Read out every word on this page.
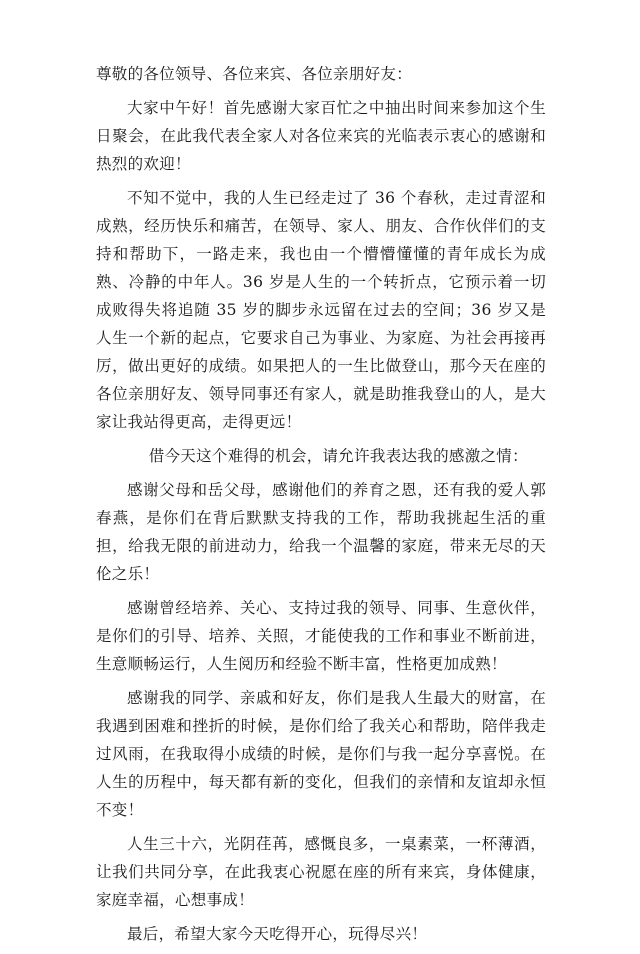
尊敬的各位领导、各位来宾、各位亲朋好友：

大家中午好！首先感谢大家百忙之中抽出时间来参加这个生日聚会，在此我代表全家人对各位来宾的光临表示衷心的感谢和热烈的欢迎！

不知不觉中，我的人生已经走过了 36 个春秋，走过青涩和成熟，经历快乐和痛苦，在领导、家人、朋友、合作伙伴们的支持和帮助下，一路走来，我也由一个懵懵懂懂的青年成长为成熟、冷静的中年人。36 岁是人生的一个转折点，它预示着一切成败得失将追随 35 岁的脚步永远留在过去的空间；36 岁又是人生一个新的起点，它要求自己为事业、为家庭、为社会再接再厉，做出更好的成绩。如果把人的一生比做登山，那今天在座的各位亲朋好友、领导同事还有家人，就是助推我登山的人，是大家让我站得更高，走得更远！

借今天这个难得的机会，请允许我表达我的感激之情：

感谢父母和岳父母，感谢他们的养育之恩，还有我的爱人郭春燕，是你们在背后默默支持我的工作，帮助我挑起生活的重担，给我无限的前进动力，给我一个温馨的家庭，带来无尽的天伦之乐！

感谢曾经培养、关心、支持过我的领导、同事、生意伙伴，是你们的引导、培养、关照，才能使我的工作和事业不断前进，生意顺畅运行，人生阅历和经验不断丰富，性格更加成熟！

感谢我的同学、亲戚和好友，你们是我人生最大的财富，在我遇到困难和挫折的时候，是你们给了我关心和帮助，陪伴我走过风雨，在我取得小成绩的时候，是你们与我一起分享喜悦。在人生的历程中，每天都有新的变化，但我们的亲情和友谊却永恒不变！

人生三十六，光阴荏苒，感慨良多，一桌素菜，一杯薄酒，让我们共同分享，在此我衷心祝愿在座的所有来宾，身体健康，家庭幸福，心想事成！

最后，希望大家今天吃得开心，玩得尽兴！
